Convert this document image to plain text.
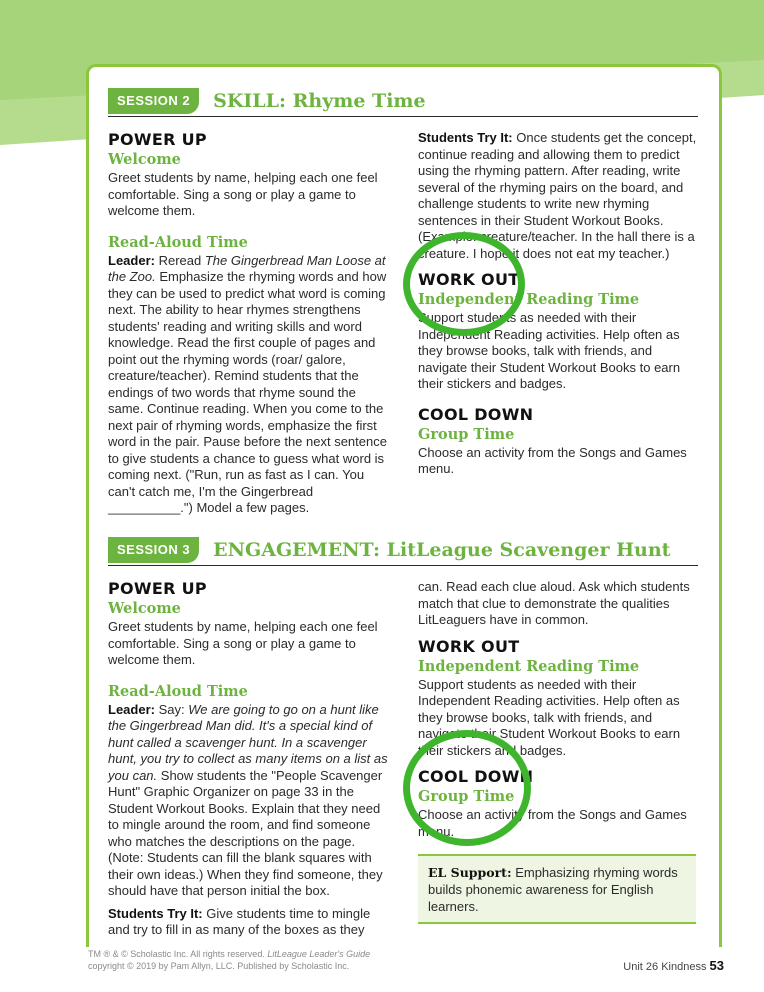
SESSION 2	SKILL: Rhyme Time
POWER UP
Welcome

Greet students by name, helping each one feel comfortable. Sing a song or play a game to welcome them.

Read-Aloud Time

Leader: Reread The Gingerbread Man Loose at the Zoo. Emphasize the rhyming words and how they can be used to predict what word is coming next. The ability to hear rhymes strengthens students' reading and writing skills and word knowledge. Read the first couple of pages and point out the rhyming words (roar/ galore, creature/teacher). Remind students that the endings of two words that rhyme sound the same. Continue reading. When you come to the next pair of rhyming words, emphasize the first word in the pair. Pause before the next sentence to give students a chance to guess what word is coming next. ("Run, run as fast as I can. You can't catch me, I'm the Gingerbread __________.") Model a few pages.

Students Try It: Once students get the concept, continue reading and allowing them to predict using the rhyming pattern. After reading, write several of the rhyming pairs on the board, and challenge students to write new rhyming sentences in their Student Workout Books. (Example: creature/teacher. In the hall there is a creature. I hope it does not eat my teacher.)

WORK OUT
Independent Reading Time

Support students as needed with their Independent Reading activities. Help often as they browse books, talk with friends, and navigate their Student Workout Books to earn their stickers and badges.

COOL DOWN
Group Time

Choose an activity from the Songs and Games menu.

SESSION 3	ENGAGEMENT: LitLeague Scavenger Hunt
POWER UP
Welcome

Greet students by name, helping each one feel comfortable. Sing a song or play a game to welcome them.

Read-Aloud Time

Leader: Say: We are going to go on a hunt like the Gingerbread Man did. It's a special kind of hunt called a scavenger hunt. In a scavenger hunt, you try to collect as many items on a list as you can. Show students the "People Scavenger Hunt" Graphic Organizer on page 33 in the Student Workout Books. Explain that they need to mingle around the room, and find someone who matches the descriptions on the page. (Note: Students can fill the blank squares with their own ideas.) When they find someone, they should have that person initial the box.

Students Try It: Give students time to mingle and try to fill in as many of the boxes as they

can. Read each clue aloud. Ask which students match that clue to demonstrate the qualities LitLeaguers have in common.

WORK OUT
Independent Reading Time

Support students as needed with their Independent Reading activities. Help often as they browse books, talk with friends, and navigate their Student Workout Books to earn their stickers and badges.

COOL DOWN
Group Time

Choose an activity from the Songs and Games menu.

EL Support: Emphasizing rhyming words builds phonemic awareness for English learners.
TM ® & © Scholastic Inc. All rights reserved. LitLeague Leader's Guide
copyright © 2019 by Pam Allyn, LLC. Published by Scholastic Inc.	Unit 26 Kindness 53
